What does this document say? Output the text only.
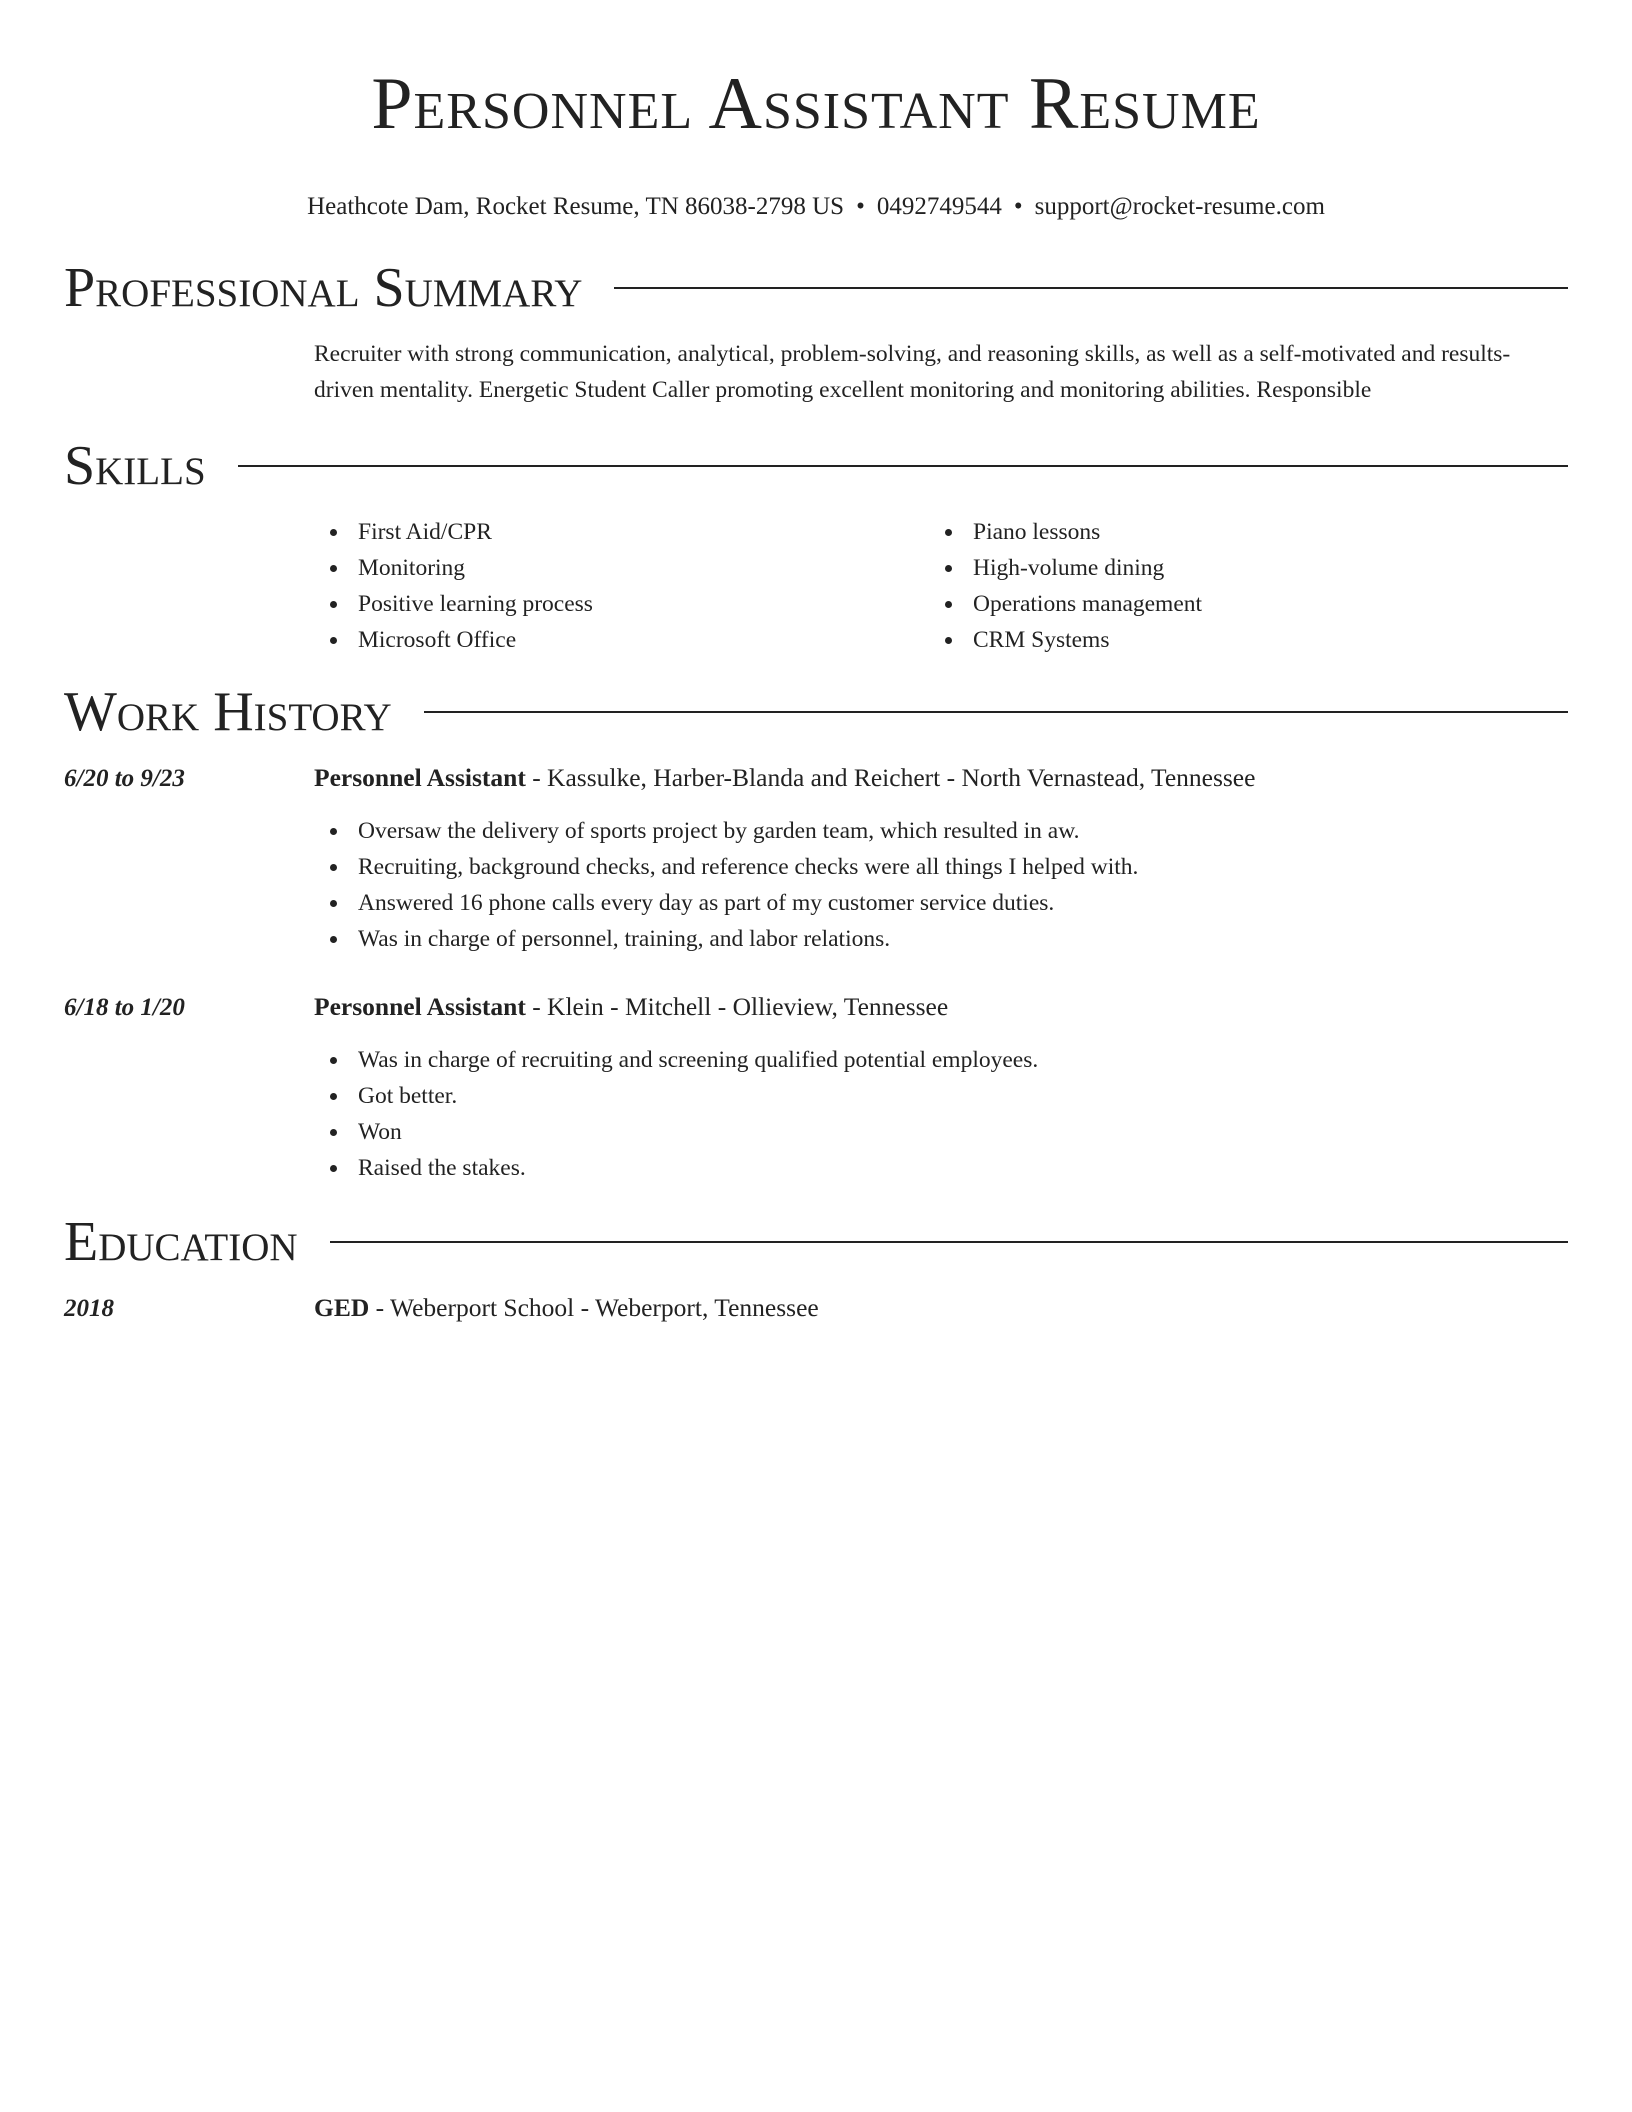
Personnel Assistant Resume
Heathcote Dam, Rocket Resume, TN 86038-2798 US • 0492749544 • support@rocket-resume.com
Professional Summary

Recruiter with strong communication, analytical, problem-solving, and reasoning skills, as well as a self-motivated and results-driven mentality. Energetic Student Caller promoting excellent monitoring and monitoring abilities. Responsible

Skills
First Aid/CPR
Monitoring
Positive learning process
Microsoft Office
Piano lessons
High-volume dining
Operations management
CRM Systems
Work History
6/20 to 9/23	Personnel Assistant - Kassulke, Harber-Blanda and Reichert - North Vernastead, Tennessee
Oversaw the delivery of sports project by garden team, which resulted in aw.
Recruiting, background checks, and reference checks were all things I helped with.
Answered 16 phone calls every day as part of my customer service duties.
Was in charge of personnel, training, and labor relations.
6/18 to 1/20	Personnel Assistant - Klein - Mitchell - Ollieview, Tennessee
Was in charge of recruiting and screening qualified potential employees.
Got better.
Won
Raised the stakes.
Education
2018	GED - Weberport School - Weberport, Tennessee
